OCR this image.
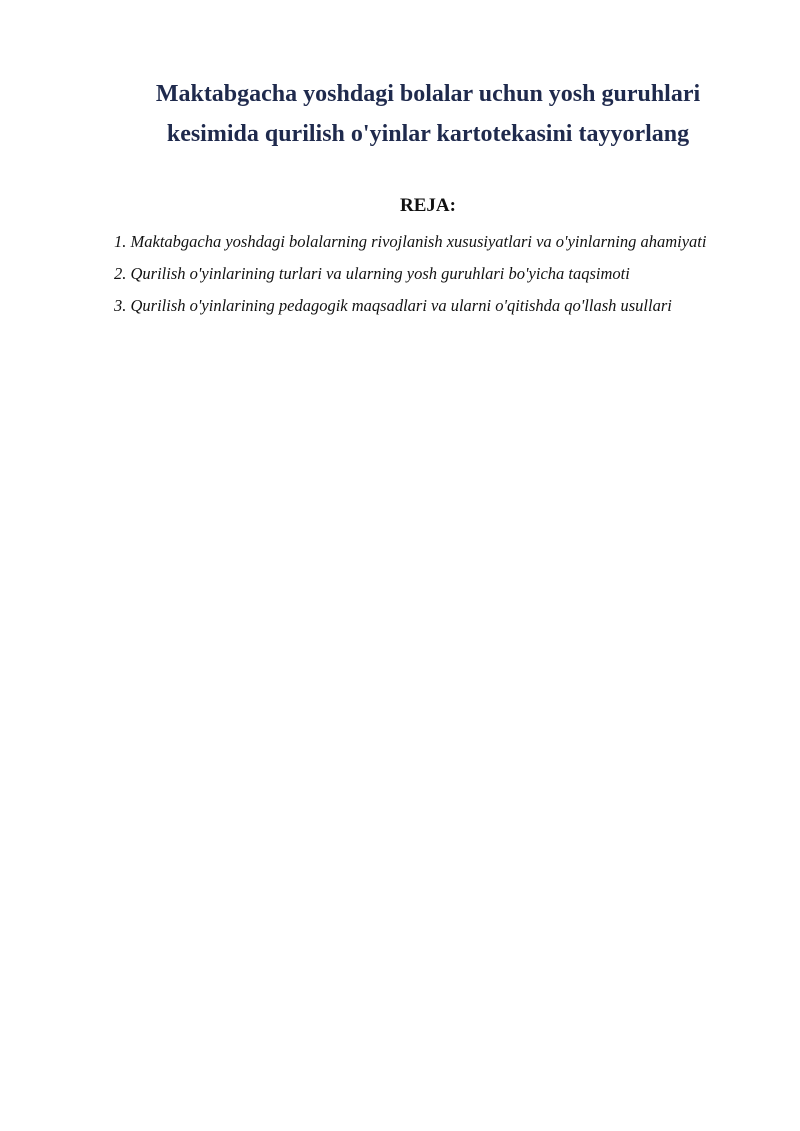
Maktabgacha yoshdagi bolalar uchun yosh guruhlari
kesimida qurilish o'yinlar kartotekasini tayyorlang
REJA:
1. Maktabgacha yoshdagi bolalarning rivojlanish xususiyatlari va o'yinlarning ahamiyati
2. Qurilish o'yinlarining turlari va ularning yosh guruhlari bo'yicha taqsimoti
3. Qurilish o'yinlarining pedagogik maqsadlari va ularni o'qitishda qo'llash usullari
